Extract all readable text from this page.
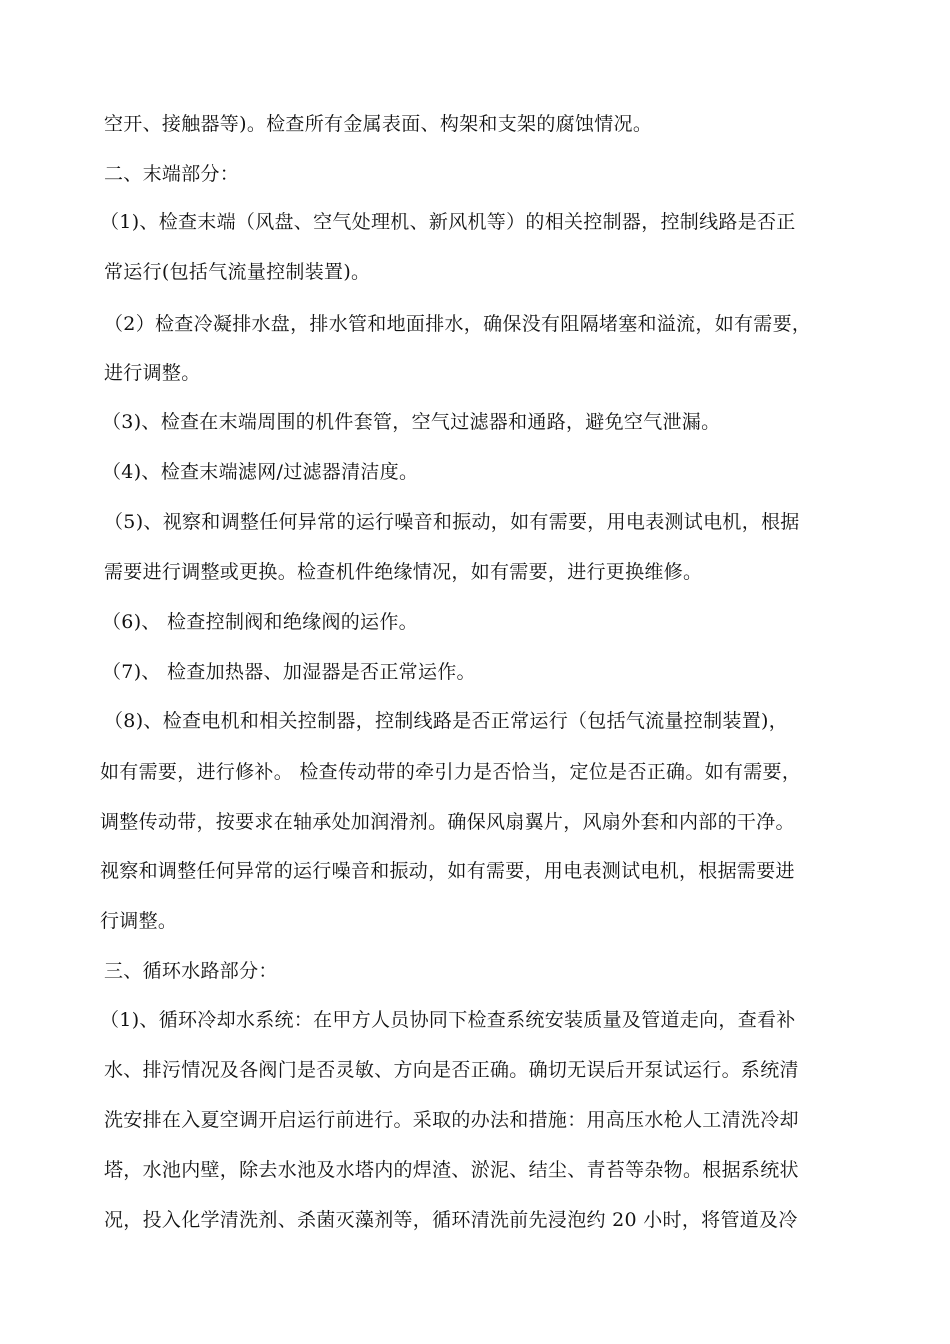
空开、接触器等)。检查所有金属表面、构架和支架的腐蚀情况。
二、末端部分：
（1)、检查末端（风盘、空气处理机、新风机等）的相关控制器，控制线路是否正
常运行(包括气流量控制装置)。
（2）检查冷凝排水盘，排水管和地面排水，确保没有阻隔堵塞和溢流，如有需要，
进行调整。
（3)、检查在末端周围的机件套管，空气过滤器和通路，避免空气泄漏。
（4)、检查末端滤网/过滤器清洁度。
（5)、视察和调整任何异常的运行噪音和振动，如有需要，用电表测试电机，根据
需要进行调整或更换。检查机件绝缘情况，如有需要，进行更换维修。
（6)、 检查控制阀和绝缘阀的运作。
（7)、 检查加热器、加湿器是否正常运作。
（8)、检查电机和相关控制器，控制线路是否正常运行（包括气流量控制装置)，
如有需要，进行修补。 检查传动带的牵引力是否恰当，定位是否正确。如有需要，
调整传动带，按要求在轴承处加润滑剂。确保风扇翼片，风扇外套和内部的干净。
视察和调整任何异常的运行噪音和振动，如有需要，用电表测试电机，根据需要进
行调整。
三、循环水路部分：
（1)、循环冷却水系统：在甲方人员协同下检查系统安装质量及管道走向，查看补
水、排污情况及各阀门是否灵敏、方向是否正确。确切无误后开泵试运行。系统清
洗安排在入夏空调开启运行前进行。采取的办法和措施：用高压水枪人工清洗冷却
塔，水池内壁，除去水池及水塔内的焊渣、淤泥、结尘、青苔等杂物。根据系统状
况，投入化学清洗剂、杀菌灭藻剂等，循环清洗前先浸泡约 20 小时，将管道及冷
